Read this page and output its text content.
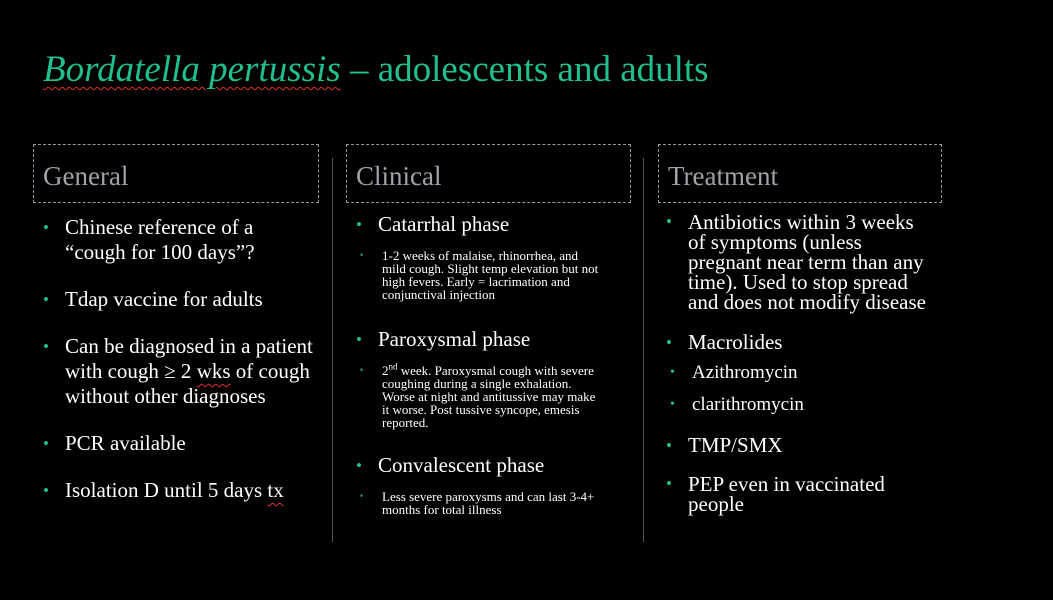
Bordatella pertussis – adolescents and adults
General	Clinical	Treatment
• Chinese reference of a “cough for 100 days”?
• Tdap vaccine for adults
• Can be diagnosed in a patient with cough ≥ 2 wks of cough without other diagnoses
• PCR available
• Isolation D until 5 days tx
• Catarrhal phase
• 1-2 weeks of malaise, rhinorrhea, and mild cough. Slight temp elevation but not high fevers. Early = lacrimation and conjunctival injection
• Paroxysmal phase
• 2nd week. Paroxysmal cough with severe coughing during a single exhalation. Worse at night and antitussive may make it worse. Post tussive syncope, emesis reported.
• Convalescent phase
• Less severe paroxysms and can last 3-4+ months for total illness
• Antibiotics within 3 weeks of symptoms (unless pregnant near term than any time). Used to stop spread and does not modify disease
• Macrolides
• Azithromycin
• clarithromycin
• TMP/SMX
• PEP even in vaccinated people
